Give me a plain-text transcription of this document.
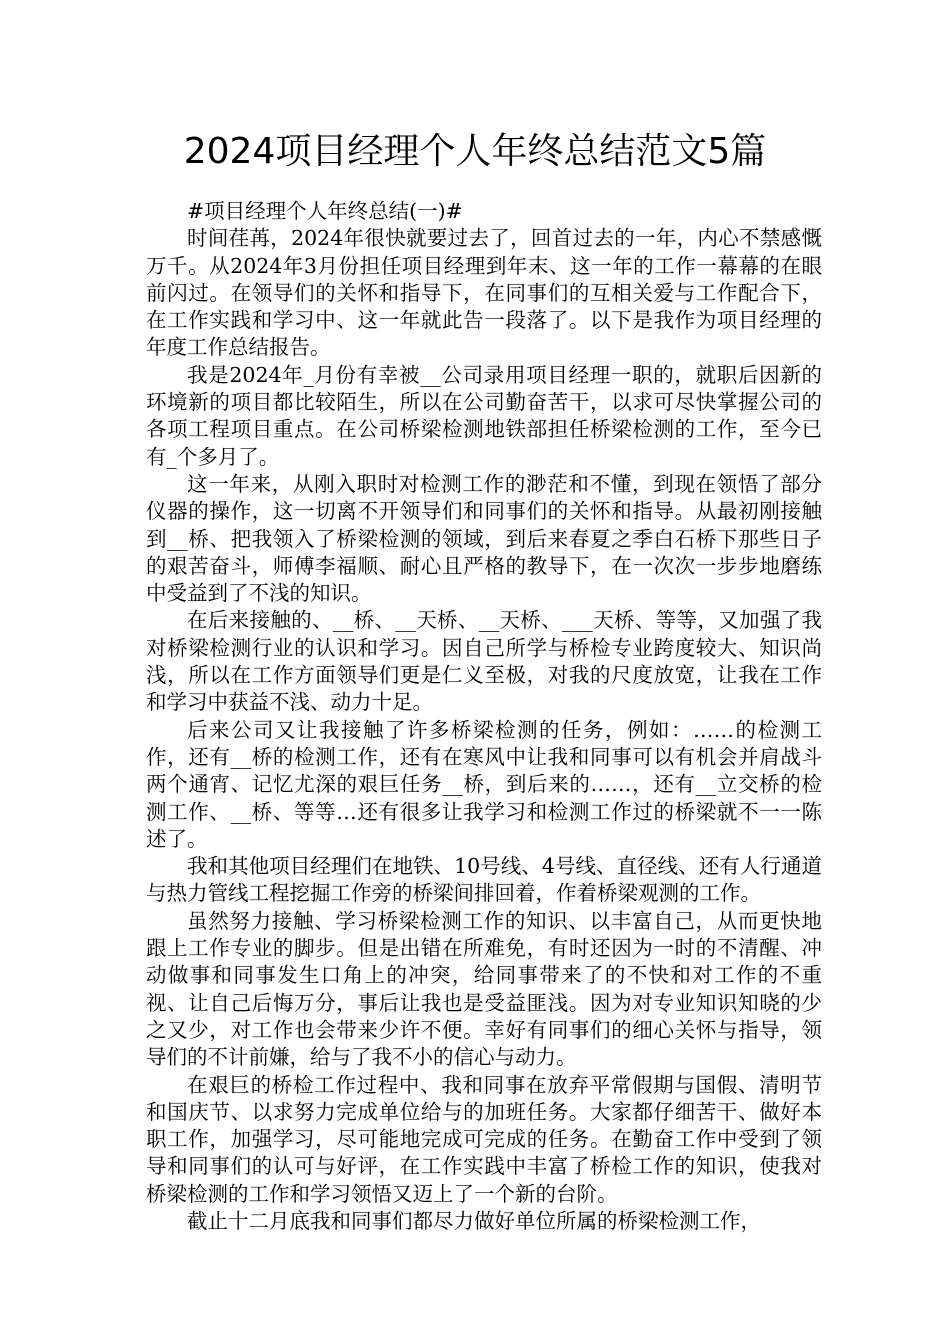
2024项目经理个人年终总结范文5篇

#项目经理个人年终总结(一)#

时间荏苒，2024年很快就要过去了，回首过去的一年，内心不禁感慨万千。从2024年3月份担任项目经理到年末、这一年的工作一幕幕的在眼前闪过。在领导们的关怀和指导下，在同事们的互相关爱与工作配合下，在工作实践和学习中、这一年就此告一段落了。以下是我作为项目经理的年度工作总结报告。

我是2024年_月份有幸被__公司录用项目经理一职的，就职后因新的环境新的项目都比较陌生，所以在公司勤奋苦干，以求可尽快掌握公司的各项工程项目重点。在公司桥梁检测地铁部担任桥梁检测的工作，至今已有_个多月了。

这一年来，从刚入职时对检测工作的渺茫和不懂，到现在领悟了部分仪器的操作，这一切离不开领导们和同事们的关怀和指导。从最初刚接触到__桥、把我领入了桥梁检测的领域，到后来春夏之季白石桥下那些日子的艰苦奋斗，师傅李福顺、耐心且严格的教导下，在一次次一步步地磨练中受益到了不浅的知识。

在后来接触的、__桥、__天桥、__天桥、___天桥、等等，又加强了我对桥梁检测行业的认识和学习。因自己所学与桥检专业跨度较大、知识尚浅，所以在工作方面领导们更是仁义至极，对我的尺度放宽，让我在工作和学习中获益不浅、动力十足。

后来公司又让我接触了许多桥梁检测的任务，例如：……的检测工作，还有__桥的检测工作，还有在寒风中让我和同事可以有机会并肩战斗两个通宵、记忆尤深的艰巨任务__桥，到后来的……，还有__立交桥的检测工作、__桥、等等…还有很多让我学习和检测工作过的桥梁就不一一陈述了。

我和其他项目经理们在地铁、10号线、4号线、直径线、还有人行通道与热力管线工程挖掘工作旁的桥梁间排回着，作着桥梁观测的工作。

虽然努力接触、学习桥梁检测工作的知识、以丰富自己，从而更快地跟上工作专业的脚步。但是出错在所难免，有时还因为一时的不清醒、冲动做事和同事发生口角上的冲突，给同事带来了的不快和对工作的不重视、让自己后悔万分，事后让我也是受益匪浅。因为对专业知识知晓的少之又少，对工作也会带来少许不便。幸好有同事们的细心关怀与指导，领导们的不计前嫌，给与了我不小的信心与动力。

在艰巨的桥检工作过程中、我和同事在放弃平常假期与国假、清明节和国庆节、以求努力完成单位给与的加班任务。大家都仔细苦干、做好本职工作，加强学习，尽可能地完成可完成的任务。在勤奋工作中受到了领导和同事们的认可与好评，在工作实践中丰富了桥检工作的知识，使我对桥梁检测的工作和学习领悟又迈上了一个新的台阶。

截止十二月底我和同事们都尽力做好单位所属的桥梁检测工作，
